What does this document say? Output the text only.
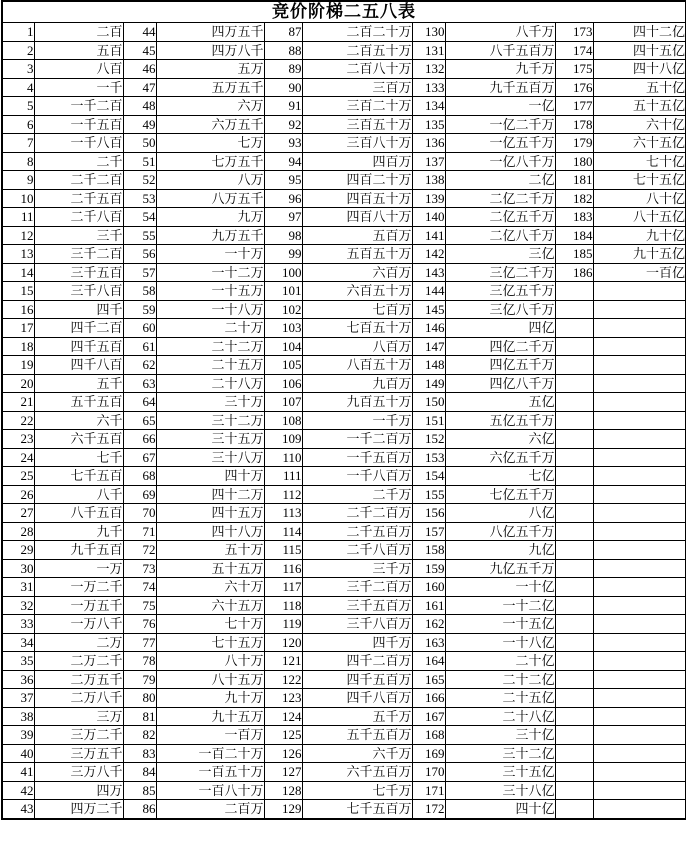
竞价阶梯二五八表									
1	二百	44	四万五千	87	二百二十万	130	八千万	173	四十二亿
2	五百	45	四万八千	88	二百五十万	131	八千五百万	174	四十五亿
3	八百	46	五万	89	二百八十万	132	九千万	175	四十八亿
4	一千	47	五万五千	90	三百万	133	九千五百万	176	五十亿
5	一千二百	48	六万	91	三百二十万	134	一亿	177	五十五亿
6	一千五百	49	六万五千	92	三百五十万	135	一亿二千万	178	六十亿
7	一千八百	50	七万	93	三百八十万	136	一亿五千万	179	六十五亿
8	二千	51	七万五千	94	四百万	137	一亿八千万	180	七十亿
9	二千二百	52	八万	95	四百二十万	138	二亿	181	七十五亿
10	二千五百	53	八万五千	96	四百五十万	139	二亿二千万	182	八十亿
11	二千八百	54	九万	97	四百八十万	140	二亿五千万	183	八十五亿
12	三千	55	九万五千	98	五百万	141	二亿八千万	184	九十亿
13	三千二百	56	一十万	99	五百五十万	142	三亿	185	九十五亿
14	三千五百	57	一十二万	100	六百万	143	三亿二千万	186	一百亿
15	三千八百	58	一十五万	101	六百五十万	144	三亿五千万		
16	四千	59	一十八万	102	七百万	145	三亿八千万		
17	四千二百	60	二十万	103	七百五十万	146	四亿		
18	四千五百	61	二十二万	104	八百万	147	四亿二千万		
19	四千八百	62	二十五万	105	八百五十万	148	四亿五千万		
20	五千	63	二十八万	106	九百万	149	四亿八千万		
21	五千五百	64	三十万	107	九百五十万	150	五亿		
22	六千	65	三十二万	108	一千万	151	五亿五千万		
23	六千五百	66	三十五万	109	一千二百万	152	六亿		
24	七千	67	三十八万	110	一千五百万	153	六亿五千万		
25	七千五百	68	四十万	111	一千八百万	154	七亿		
26	八千	69	四十二万	112	二千万	155	七亿五千万		
27	八千五百	70	四十五万	113	二千二百万	156	八亿		
28	九千	71	四十八万	114	二千五百万	157	八亿五千万		
29	九千五百	72	五十万	115	二千八百万	158	九亿		
30	一万	73	五十五万	116	三千万	159	九亿五千万		
31	一万二千	74	六十万	117	三千二百万	160	一十亿		
32	一万五千	75	六十五万	118	三千五百万	161	一十二亿		
33	一万八千	76	七十万	119	三千八百万	162	一十五亿		
34	二万	77	七十五万	120	四千万	163	一十八亿		
35	二万二千	78	八十万	121	四千二百万	164	二十亿		
36	二万五千	79	八十五万	122	四千五百万	165	二十二亿		
37	二万八千	80	九十万	123	四千八百万	166	二十五亿		
38	三万	81	九十五万	124	五千万	167	二十八亿		
39	三万二千	82	一百万	125	五千五百万	168	三十亿		
40	三万五千	83	一百二十万	126	六千万	169	三十二亿		
41	三万八千	84	一百五十万	127	六千五百万	170	三十五亿		
42	四万	85	一百八十万	128	七千万	171	三十八亿		
43	四万二千	86	二百万	129	七千五百万	172	四十亿		
